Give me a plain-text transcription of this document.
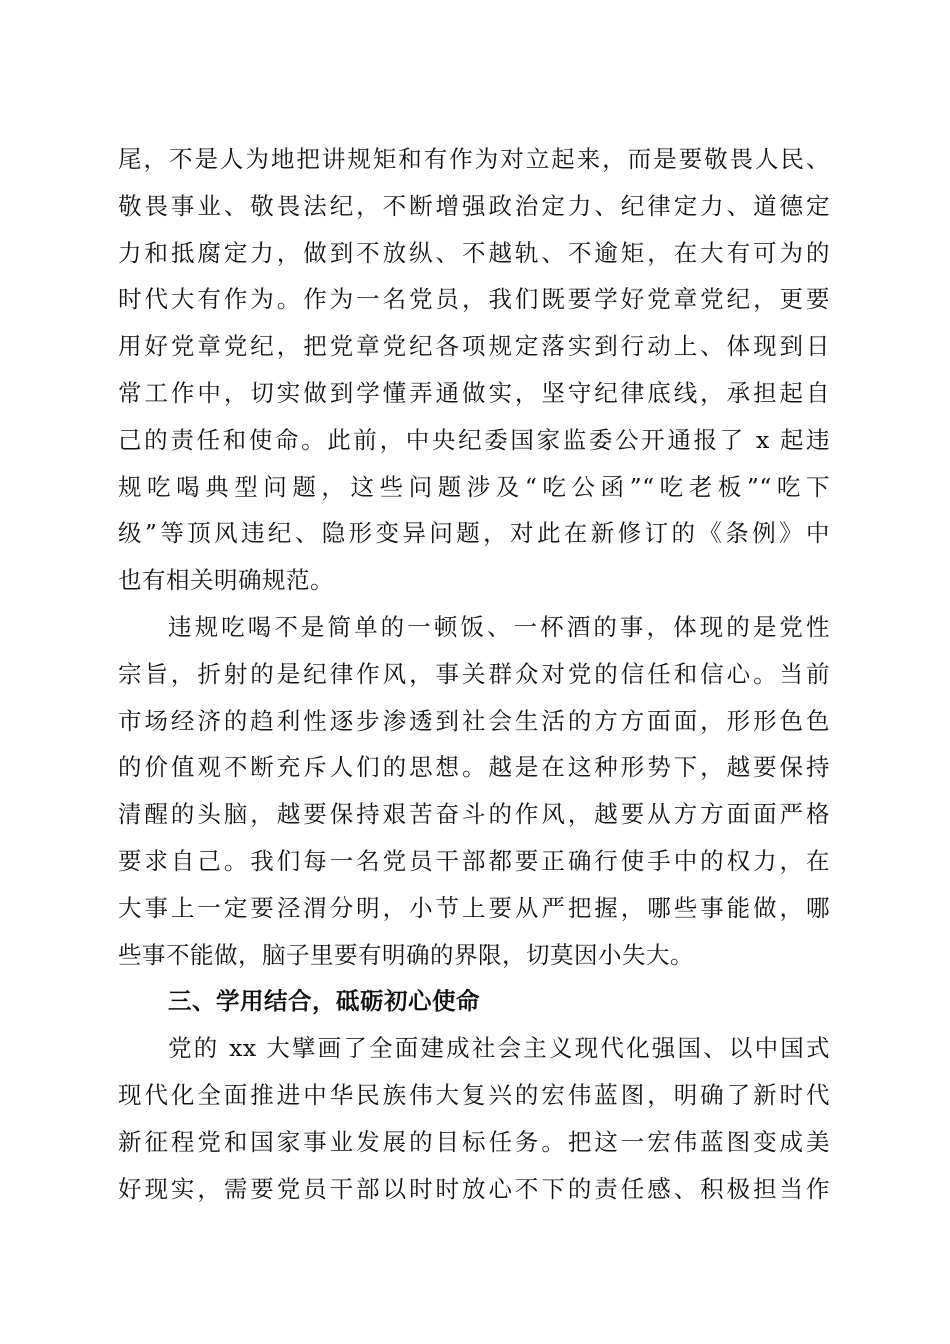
尾，不是人为地把讲规矩和有作为对立起来，而是要敬畏人民、
敬畏事业、敬畏法纪，不断增强政治定力、纪律定力、道德定
力和抵腐定力，做到不放纵、不越轨、不逾矩，在大有可为的
时代大有作为。作为一名党员，我们既要学好党章党纪，更要
用好党章党纪，把党章党纪各项规定落实到行动上、体现到日
常工作中，切实做到学懂弄通做实，坚守纪律底线，承担起自
己的责任和使命。此前，中央纪委国家监委公开通报了 x 起违
规吃喝典型问题，这些问题涉及“吃公函”“吃老板”“吃下
级”等顶风违纪、隐形变异问题，对此在新修订的《条例》中
也有相关明确规范。
违规吃喝不是简单的一顿饭、一杯酒的事，体现的是党性
宗旨，折射的是纪律作风，事关群众对党的信任和信心。当前
市场经济的趋利性逐步渗透到社会生活的方方面面，形形色色
的价值观不断充斥人们的思想。越是在这种形势下，越要保持
清醒的头脑，越要保持艰苦奋斗的作风，越要从方方面面严格
要求自己。我们每一名党员干部都要正确行使手中的权力，在
大事上一定要泾渭分明，小节上要从严把握，哪些事能做，哪
些事不能做，脑子里要有明确的界限，切莫因小失大。
三、学用结合，砥砺初心使命
党的 xx 大擘画了全面建成社会主义现代化强国、以中国式
现代化全面推进中华民族伟大复兴的宏伟蓝图，明确了新时代
新征程党和国家事业发展的目标任务。把这一宏伟蓝图变成美
好现实，需要党员干部以时时放心不下的责任感、积极担当作
